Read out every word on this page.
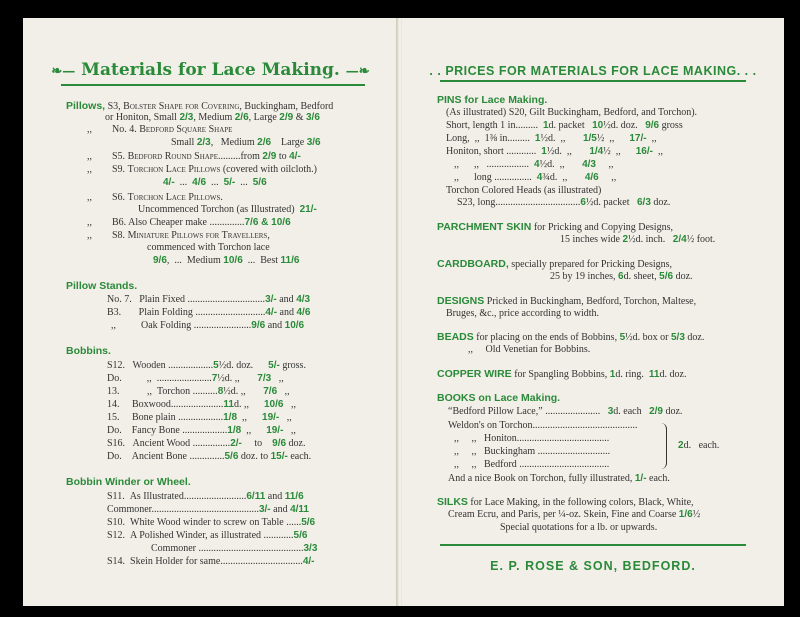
❧— Materials for Lace Making. —❧
Pillows, S3, Bolster Shape for Covering, Buckingham, Bedford
or Honiton, Small 2/3, Medium 2/6, Large 2/9 & 3/6
,,        No. 4. Bedford Square Shape
Small 2/3,   Medium 2/6    Large 3/6
,,        S5. Bedford Round Shape.........from 2/9 to 4/-
,,        S9. Torchon Lace Pillows (covered with oilcloth.)
4/-  ...  4/6  ...  5/-  ...  5/6
,,        S6. Torchon Lace Pillows.
Uncommenced Torchon (as Illustrated)  21/-
,,        B6. Also Cheaper make ..............7/6 & 10/6
,,        S8. Miniature Pillows for Travellers,
commenced with Torchon lace
9/6,  ...  Medium 10/6  ...  Best 11/6
Pillow Stands.
No. 7.   Plain Fixed ...............................3/- and 4/3
B3.       Plain Folding ............................4/- and 4/6
,,          Oak Folding .......................9/6 and 10/6
Bobbins.
S12.   Wooden ..................5½d. doz.      5/- gross.
Do.          ,,  ......................7½d. ,,       7/3   ,,
13.           ,,  Torchon ..........8½d. ,,       7/6   ,,
14.     Boxwood.....................11d. ,,      10/6   ,,
15.     Bone plain ..................1/8  ,,      19/-   ,,
Do.    Fancy Bone ..................1/8  ,,      19/-   ,,
S16.   Ancient Wood ...............2/-     to    9/6 doz.
Do.    Ancient Bone ..............5/6 doz. to 15/- each.
Bobbin Winder or Wheel.
S11.  As Illustrated.........................6/11 and 11/6
Commoner...........................................3/- and 4/11
S10.  White Wood winder to screw on Table ......5/6
S12.  A Polished Winder, as illustrated ............5/6
Commoner ..........................................3/3
S14.  Skein Holder for same.................................4/-
. . PRICES FOR MATERIALS FOR LACE MAKING. . .
PINS for Lace Making.
(As illustrated) S20, Gilt Buckingham, Bedford, and Torchon).
Short, length 1 in.........  1d. packet   10½d. doz.   9/6 gross
Long,  ,,  1⅜ in.........  1½d.  ,,       1/5½  ,,      17/-  ,,
Honiton, short ............  1½d.  ,,       1/4½  ,,      16/-  ,,
,,      ,,   .................  4½d.  ,,       4/3     ,,
,,      long ...............  4¾d.  ,,       4/6     ,,
Torchon Colored Heads (as illustrated)
S23, long..................................6½d. packet   6/3 doz.
PARCHMENT SKIN for Pricking and Copying Designs,
15 inches wide 2½d. inch.   2/4½ foot.
CARDBOARD, specially prepared for Pricking Designs,
25 by 19 inches, 6d. sheet, 5/6 doz.
DESIGNS Pricked in Buckingham, Bedford, Torchon, Maltese,
Bruges, &c., price according to width.
BEADS for placing on the ends of Bobbins, 5½d. box or 5/3 doz.
,,     Old Venetian for Bobbins.
COPPER WIRE for Spangling Bobbins, 1d. ring.  11d. doz.
BOOKS on Lace Making.
“Bedford Pillow Lace,” ......................   3d. each   2/9 doz.
Weldon's on Torchon..........................................
,,     ,,   Honiton.....................................
,,     ,,   Buckingham .............................
,,     ,,   Bedford ....................................
2d.   each.
And a nice Book on Torchon, fully illustrated, 1/- each.
SILKS for Lace Making, in the following colors, Black, White,
Cream Ecru, and Paris, per ¼-oz. Skein, Fine and Coarse 1/6½
Special quotations for a lb. or upwards.
E. P. ROSE & SON, BEDFORD.
